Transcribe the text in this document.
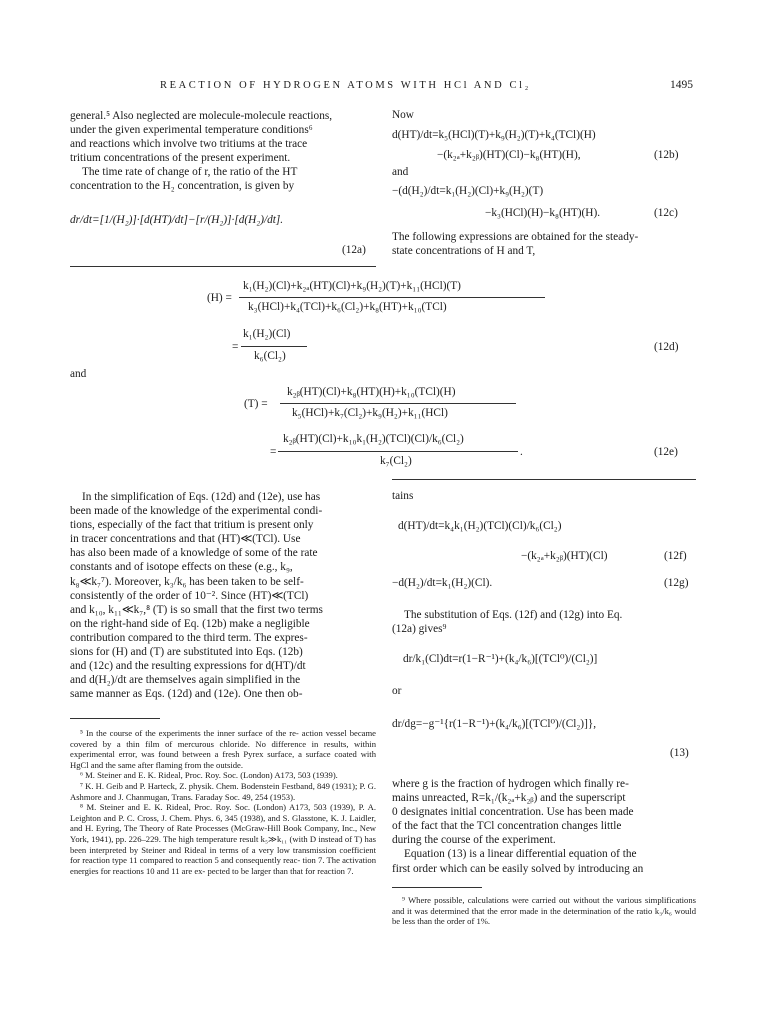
REACTION OF HYDROGEN ATOMS WITH HCl AND Cl₂	1495

general.⁵ Also neglected are molecule-molecule reactions,

under the given experimental temperature conditions⁶

and reactions which involve two tritiums at the trace

tritium concentrations of the present experiment.

The time rate of change of r, the ratio of the HT

concentration to the H₂ concentration, is given by

dr/dt=[1/(H₂)]·[d(HT)/dt]−[r/(H₂)]·[d(H₂)/dt].
(12a)
Now
d(HT)/dt=k₅(HCl)(T)+k₉(H₂)(T)+k₄(TCl)(H)
−(k₂ₐ+k₂ᵦ)(HT)(Cl)−k₈(HT)(H),	(12b)
and
−(d(H₂)/dt=k₁(H₂)(Cl)+k₉(H₂)(T)
−k₃(HCl)(H)−k₈(HT)(H).	(12c)

The following expressions are obtained for the steady-

state concentrations of H and T,

(H) =
k₁(H₂)(Cl)+k₂ₐ(HT)(Cl)+k₉(H₂)(T)+k₁₁(HCl)(T)
k₃(HCl)+k₄(TCl)+k₆(Cl₂)+k₈(HT)+k₁₀(TCl)
=
k₁(H₂)(Cl)
k₆(Cl₂)
(12d)
and
(T) =
k₂ᵦ(HT)(Cl)+k₈(HT)(H)+k₁₀(TCl)(H)
k₅(HCl)+k₇(Cl₂)+k₉(H₂)+k₁₁(HCl)
=
k₂ᵦ(HT)(Cl)+k₁₀k₁(H₂)(TCl)(Cl)/k₆(Cl₂)
k₇(Cl₂)
.	(12e)

In the simplification of Eqs. (12d) and (12e), use has

been made of the knowledge of the experimental condi-

tions, especially of the fact that tritium is present only

in tracer concentrations and that (HT)≪(TCl). Use

has also been made of a knowledge of some of the rate

constants and of isotope effects on these (e.g., k₉,

k₈≪k₇⁷). Moreover, k₃/k₆ has been taken to be self-

consistently of the order of 10⁻². Since (HT)≪(TCl)

and k₁₀, k₁₁≪k₇,⁸ (T) is so small that the first two terms

on the right-hand side of Eq. (12b) make a negligible

contribution compared to the third term. The expres-

sions for (H) and (T) are substituted into Eqs. (12b)

and (12c) and the resulting expressions for d(HT)/dt

and d(H₂)/dt are themselves again simplified in the

same manner as Eqs. (12d) and (12e). One then ob-

⁵ In the course of the experiments the inner surface of the re- action vessel became covered by a thin film of mercurous chloride. No difference in results, within experimental error, was found between a fresh Pyrex surface, a surface coated with HgCl and the same after flaming from the outside.

⁶ M. Steiner and E. K. Rideal, Proc. Roy. Soc. (London) A173, 503 (1939).

⁷ K. H. Geib and P. Harteck, Z. physik. Chem. Bodenstein Festband, 849 (1931); P. G. Ashmore and J. Chanmugan, Trans. Faraday Soc. 49, 254 (1953).

⁸ M. Steiner and E. K. Rideal, Proc. Roy. Soc. (London) A173, 503 (1939), P. A. Leighton and P. C. Cross, J. Chem. Phys. 6, 345 (1938), and S. Glasstone, K. J. Laidler, and H. Eyring, The Theory of Rate Processes (McGraw-Hill Book Company, Inc., New York, 1941), pp. 226–229. The high temperature result k₅≫k₁₁ (with D instead of T) has been interpreted by Steiner and Rideal in terms of a very low transmission coefficient for reaction type 11 compared to reaction 5 and consequently reac- tion 7. The activation energies for reactions 10 and 11 are ex- pected to be larger than that for reaction 7.

tains
d(HT)/dt=k₄k₁(H₂)(TCl)(Cl)/k₆(Cl₂)
−(k₂ₐ+k₂ᵦ)(HT)(Cl)	(12f)
−d(H₂)/dt=k₁(H₂)(Cl).	(12g)

The substitution of Eqs. (12f) and (12g) into Eq.

(12a) gives⁹

dr/k₁(Cl)dt=r(1−R⁻¹)+(k₄/k₆)[(TCl⁰)/(Cl₂)]
or
dr/dg=−g⁻¹{r(1−R⁻¹)+(k₄/k₆)[(TCl⁰)/(Cl₂)]},
(13)

where g is the fraction of hydrogen which finally re-

mains unreacted, R=k₁/(k₂ₐ+k₂ᵦ) and the superscript

0 designates initial concentration. Use has been made

of the fact that the TCl concentration changes little

during the course of the experiment.

Equation (13) is a linear differential equation of the

first order which can be easily solved by introducing an

⁹ Where possible, calculations were carried out without the various simplifications and it was determined that the error made in the determination of the ratio k₃/k₆ would be less than the order of 1%.
